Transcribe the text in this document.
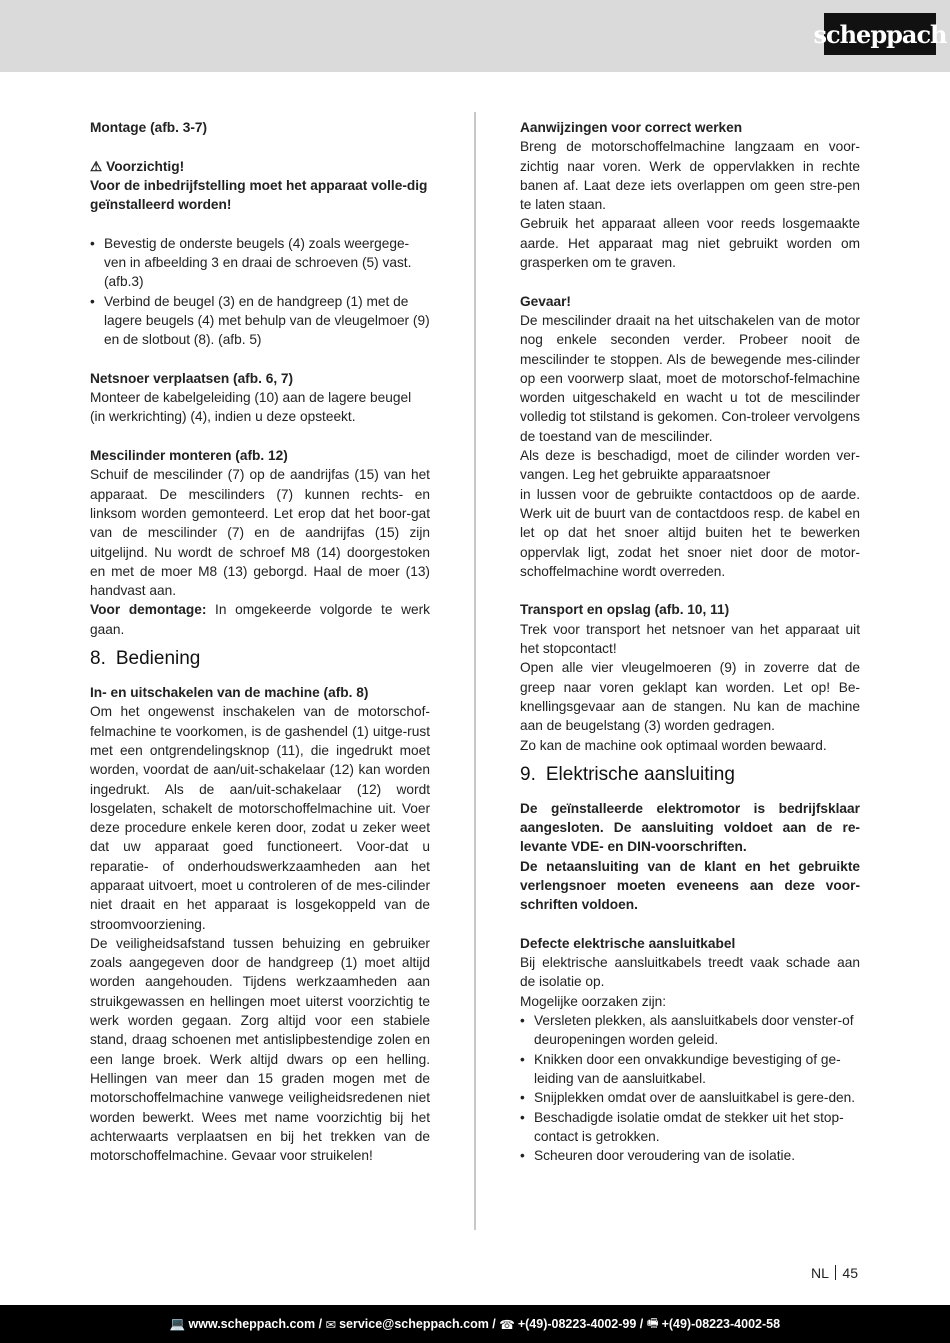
scheppach

Montage (afb. 3-7)

⚠ Voorzichtig!

Voor de inbedrijfstelling moet het apparaat volle-dig geïnstalleerd worden!

• Bevestig de onderste beugels (4) zoals weergege-ven in afbeelding 3 en draai de schroeven (5) vast. (afb.3)
• Verbind de beugel (3) en de handgreep (1) met de lagere beugels (4) met behulp van de vleugelmoer (9) en de slotbout (8). (afb. 5)

Netsnoer verplaatsen (afb. 6, 7)

Monteer de kabelgeleiding (10) aan de lagere beugel (in werkrichting) (4), indien u deze opsteekt.

Mescilinder monteren (afb. 12)

Schuif de mescilinder (7) op de aandrijfas (15) van het apparaat. De mescilinders (7) kunnen rechts- en linksom worden gemonteerd. Let erop dat het boor-gat van de mescilinder (7) en de aandrijfas (15) zijn uitgelijnd. Nu wordt de schroef M8 (14) doorgestoken en met de moer M8 (13) geborgd. Haal de moer (13) handvast aan.

Voor demontage: In omgekeerde volgorde te werk gaan.

8. Bediening

In- en uitschakelen van de machine (afb. 8)

Om het ongewenst inschakelen van de motorschof-felmachine te voorkomen, is de gashendel (1) uitge-rust met een ontgrendelingsknop (11), die ingedrukt moet worden, voordat de aan/uit-schakelaar (12) kan worden ingedrukt. Als de aan/uit-schakelaar (12) wordt losgelaten, schakelt de motorschoffelmachine uit. Voer deze procedure enkele keren door, zodat u zeker weet dat uw apparaat goed functioneert. Voor-dat u reparatie- of onderhoudswerkzaamheden aan het apparaat uitvoert, moet u controleren of de mes-cilinder niet draait en het apparaat is losgekoppeld van de stroomvoorziening.

De veiligheidsafstand tussen behuizing en gebruiker zoals aangegeven door de handgreep (1) moet altijd worden aangehouden. Tijdens werkzaamheden aan struikgewassen en hellingen moet uiterst voorzichtig te werk worden gegaan. Zorg altijd voor een stabiele stand, draag schoenen met antislipbestendige zolen en een lange broek. Werk altijd dwars op een helling. Hellingen van meer dan 15 graden mogen met de motorschoffelmachine vanwege veiligheidsredenen niet worden bewerkt. Wees met name voorzichtig bij het achterwaarts verplaatsen en bij het trekken van de motorschoffelmachine. Gevaar voor struikelen!

Aanwijzingen voor correct werken

Breng de motorschoffelmachine langzaam en voor-zichtig naar voren. Werk de oppervlakken in rechte banen af. Laat deze iets overlappen om geen stre-pen te laten staan.

Gebruik het apparaat alleen voor reeds losgemaakte aarde. Het apparaat mag niet gebruikt worden om grasperken om te graven.

Gevaar!

De mescilinder draait na het uitschakelen van de motor nog enkele seconden verder. Probeer nooit de mescilinder te stoppen. Als de bewegende mes-cilinder op een voorwerp slaat, moet de motorschof-felmachine worden uitgeschakeld en wacht u tot de mescilinder volledig tot stilstand is gekomen. Con-troleer vervolgens de toestand van de mescilinder.

Als deze is beschadigd, moet de cilinder worden ver-vangen. Leg het gebruikte apparaatsnoer

in lussen voor de gebruikte contactdoos op de aarde. Werk uit de buurt van de contactdoos resp. de kabel en let op dat het snoer altijd buiten het te bewerken oppervlak ligt, zodat het snoer niet door de motor-schoffelmachine wordt overreden.

Transport en opslag (afb. 10, 11)

Trek voor transport het netsnoer van het apparaat uit het stopcontact!

Open alle vier vleugelmoeren (9) in zoverre dat de greep naar voren geklapt kan worden. Let op! Be-knellingsgevaar aan de stangen. Nu kan de machine aan de beugelstang (3) worden gedragen.

Zo kan de machine ook optimaal worden bewaard.

9. Elektrische aansluiting

De geïnstalleerde elektromotor is bedrijfsklaar aangesloten. De aansluiting voldoet aan de re-levante VDE- en DIN-voorschriften.

De netaansluiting van de klant en het gebruikte verlengsnoer moeten eveneens aan deze voor-schriften voldoen.

Defecte elektrische aansluitkabel

Bij elektrische aansluitkabels treedt vaak schade aan de isolatie op.

Mogelijke oorzaken zijn:

• Versleten plekken, als aansluitkabels door venster-of deuropeningen worden geleid.
• Knikken door een onvakkundige bevestiging of ge-leiding van de aansluitkabel.
• Snijplekken omdat over de aansluitkabel is gere-den.
• Beschadigde isolatie omdat de stekker uit het stop-contact is getrokken.
• Scheuren door veroudering van de isolatie.
NL 45
💻 www.scheppach.com / ✉ service@scheppach.com / ☎ +(49)-08223-4002-99 / 🖷 +(49)-08223-4002-58
